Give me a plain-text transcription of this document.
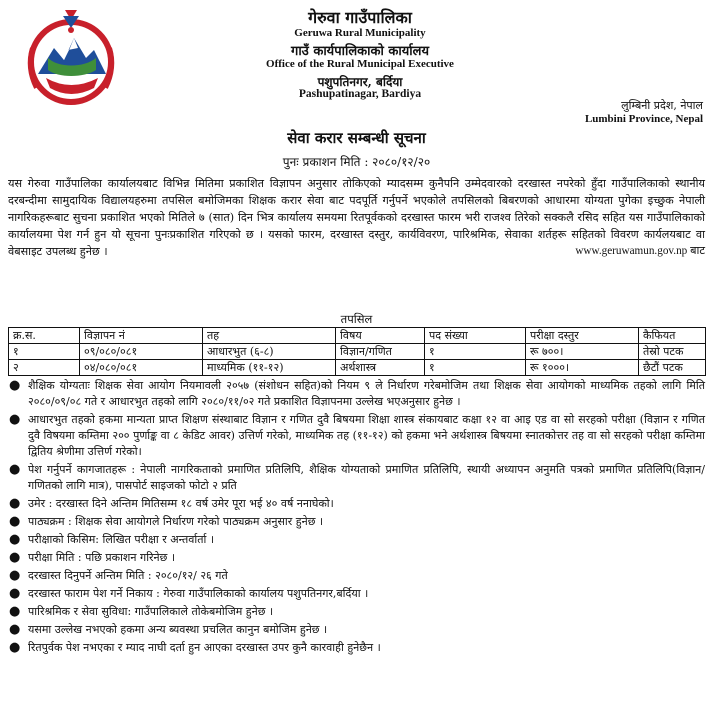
गेरुवा गाउँपालिका
Geruwa Rural Municipality
गाउँ कार्यपालिकाको कार्यालय
Office of the Rural Municipal Executive
पशुपतिनगर, बर्दिया
Pashupatinagar, Bardiya
लुम्बिनी प्रदेश, नेपाल
Lumbini Province, Nepal
सेवा करार सम्बन्धी सूचना
पुनः प्रकाशन मिति : २०८०/१२/२०
यस गेरुवा गाउँपालिका कार्यालयबाट विभिन्न मितिमा प्रकाशित विज्ञापन अनुसार तोकिएको म्यादसम्म कुनैपनि उम्मेदवारको दरखास्त नपरेको हुँदा गाउँपालिकाको स्थानीय दरबन्दीमा सामुदायिक विद्यालयहरुमा तपसिल बमोजिमका शिक्षक करार सेवा बाट पदपूर्ति गर्नुपर्ने भएकोले तपसिलको बिबरणको आधारमा योग्यता पुगेका इच्छुक नेपाली नागरिकहरूबाट सुचना प्रकाशित भएको मितिले ७ (सात) दिन भित्र कार्यालय समयमा रितपूर्वकको दरखास्त फारम भरी राजश्व तिरेको सक्कलै रसिद सहित यस गाउँपालिकाको कार्यालयमा पेश गर्न हुन यो सूचना पुनःप्रकाशित गरिएको छ । यसको फारम, दरखास्त दस्तुर, कार्यविवरण, पारिश्रमिक, सेवाका शर्तहरू सहितको विवरण कार्यलयबाट वा वेबसाइट	www.geruwamun.gov.np बाट
उपलब्ध हुनेछ ।
तपसिल
क्र.स.	विज्ञापन नं	तह	विषय	पद संख्या	परीक्षा दस्तुर	कैफियत
१	०९/०८०/०८१	आधारभुत (६-८)	विज्ञान/गणित	१	रू ७००।	तेस्रो पटक
२	०४/०८०/०८१	माध्यमिक (११-१२)	अर्थशास्त्र	१	रू १०००।	छैटौं पटक
● शैक्षिक योग्यताः शिक्षक सेवा आयोग नियमावली २०५७ (संशोधन सहित)को नियम ९ ले निर्धारण गरेबमोजिम तथा शिक्षक सेवा आयोगको माध्यमिक तहको लागि मिति २०८०/०९/०८ गते र आधारभुत तहको लागि २०८०/११/०२ गते प्रकाशित विज्ञापनमा उल्लेख भएअनुसार हुनेछ ।
● आधारभुत तहको हकमा मान्यता प्राप्त शिक्षण संस्थाबाट विज्ञान र गणित दुवै बिषयमा शिक्षा शास्त्र संकायबाट कक्षा १२ वा आइ एड वा सो सरहको परीक्षा (विज्ञान र गणित दुवै विषयमा कम्तिमा २०० पुर्णाङ्क वा ८ केडिट आवर) उत्तिर्ण गरेको, माध्यमिक तह (११-१२) को हकमा भने अर्थशास्त्र बिषयमा स्नातकोत्तर तह वा सो सरहको परीक्षा कम्तिमा द्वितिय श्रेणीमा उत्तिर्ण गरेको।
● पेश गर्नुपर्ने कागजातहरू : नेपाली नागरिकताको प्रमाणित प्रतिलिपि, शैक्षिक योग्यताको प्रमाणित प्रतिलिपि, स्थायी अध्यापन अनुमति पत्रको प्रमाणित प्रतिलिपि(विज्ञान/गणितको लागि मात्र), पासपोर्ट साइजको फोटो २ प्रति
● उमेर : दरखास्त दिने अन्तिम मितिसम्म १८ वर्ष उमेर पूरा भई ४० वर्ष ननाघेको।
● पाठ्यक्रम : शिक्षक सेवा आयोगले निर्धारण गरेको पाठ्यक्रम अनुसार हुनेछ ।
● परीक्षाको किसिम: लिखित परीक्षा र अन्तर्वार्ता ।
● परीक्षा मिति : पछि प्रकाशन गरिनेछ ।
● दरखास्त दिनुपर्ने अन्तिम मिति : २०८०/१२/ २६ गते
● दरखास्त फाराम पेश गर्ने निकाय : गेरुवा गाउँपालिकाको कार्यालय पशुपतिनगर,बर्दिया ।
● पारिश्रमिक र सेवा सुविधा: गाउँपालिकाले तोकेबमोजिम हुनेछ ।
● यसमा उल्लेख नभएको हकमा अन्य ब्यवस्था प्रचलित कानुन बमोजिम हुनेछ ।
● रितपुर्वक पेश नभएका र म्याद नाघी दर्ता हुन आएका दरखास्त उपर कुनै कारवाही हुनेछैन ।
